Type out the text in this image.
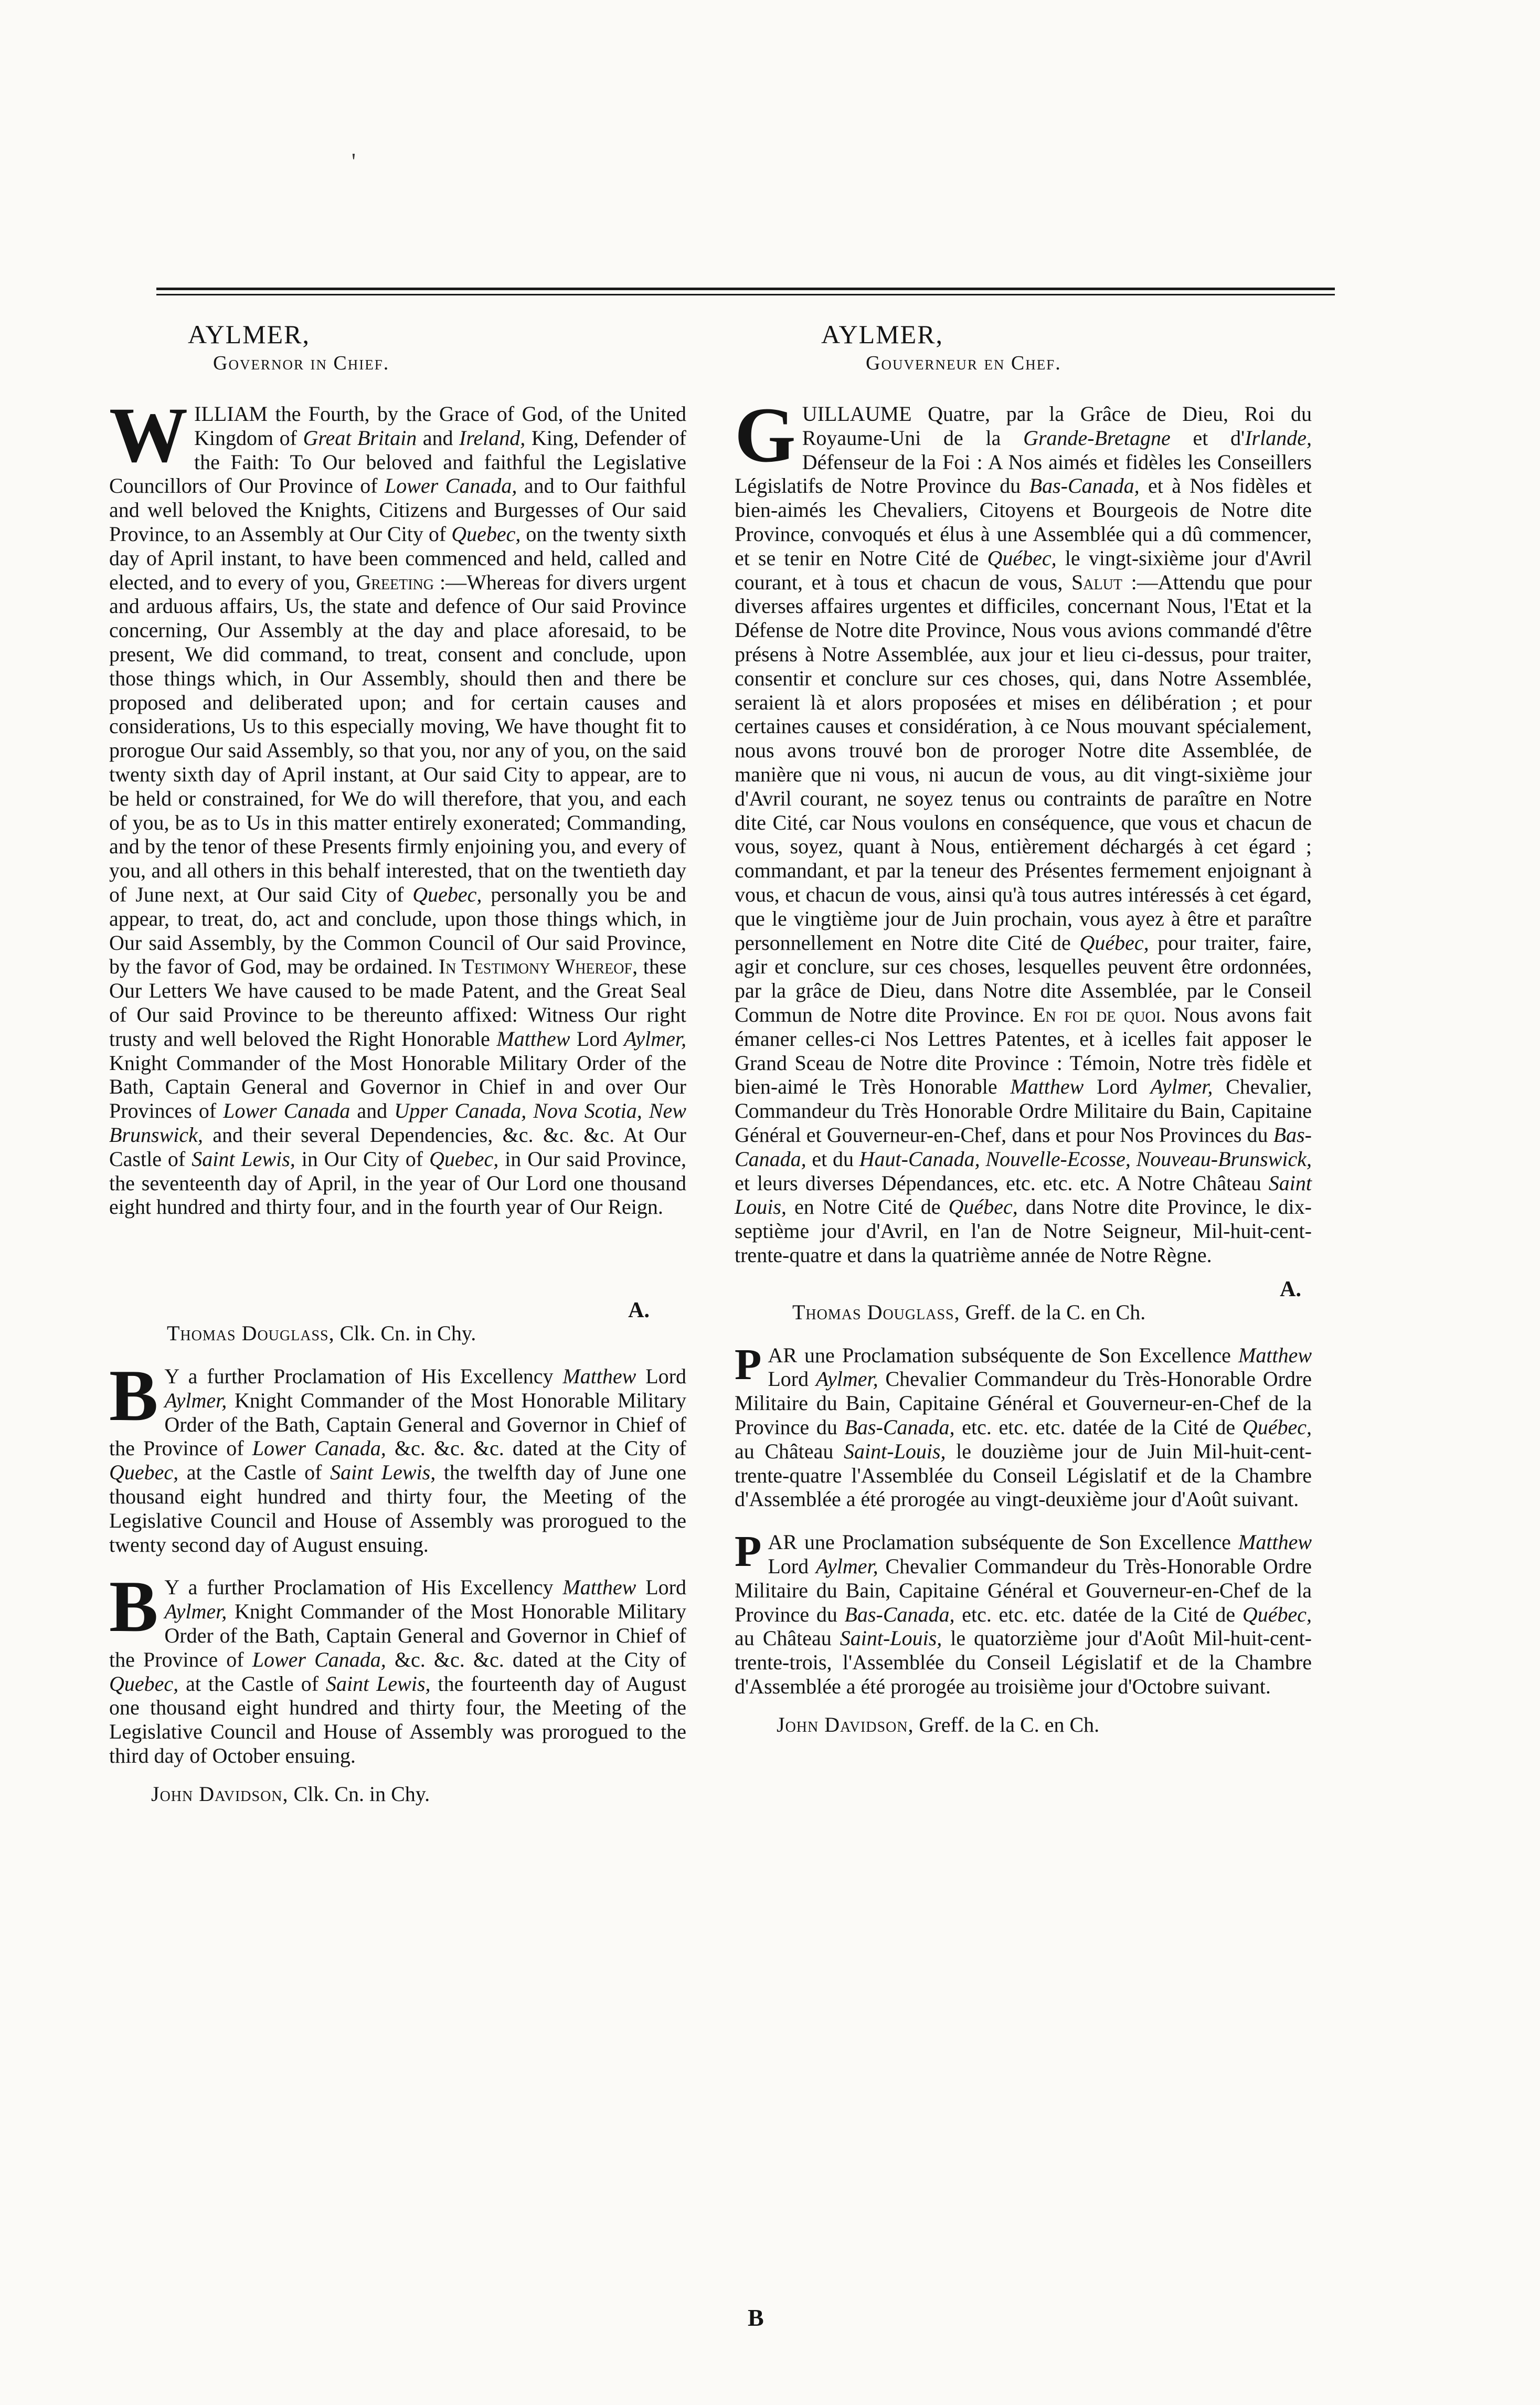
'
AYLMER,
Governor in Chief.
WILLIAM the Fourth, by the Grace of God, of the United Kingdom of Great Britain and Ireland, King, Defender of the Faith: To Our beloved and faithful the Legislative Councillors of Our Province of Lower Canada, and to Our faithful and well beloved the Knights, Citizens and Burgesses of Our said Province, to an Assembly at Our City of Quebec, on the twenty sixth day of April instant, to have been commenced and held, called and elected, and to every of you, Greeting :—Whereas for divers urgent and arduous affairs, Us, the state and defence of Our said Province concerning, Our Assembly at the day and place aforesaid, to be present, We did command, to treat, consent and conclude, upon those things which, in Our Assembly, should then and there be proposed and deliberated upon; and for certain causes and considerations, Us to this especially moving, We have thought fit to prorogue Our said Assembly, so that you, nor any of you, on the said twenty sixth day of April instant, at Our said City to appear, are to be held or constrained, for We do will therefore, that you, and each of you, be as to Us in this matter entirely exonerated; Commanding, and by the tenor of these Presents firmly enjoining you, and every of you, and all others in this behalf interested, that on the twentieth day of June next, at Our said City of Quebec, personally you be and appear, to treat, do, act and conclude, upon those things which, in Our said Assembly, by the Common Council of Our said Province, by the favor of God, may be ordained. In Testimony Whereof, these Our Letters We have caused to be made Patent, and the Great Seal of Our said Province to be thereunto affixed: Witness Our right trusty and well beloved the Right Honorable Matthew Lord Aylmer, Knight Commander of the Most Honorable Military Order of the Bath, Captain General and Governor in Chief in and over Our Provinces of Lower Canada and Upper Canada, Nova Scotia, New Brunswick, and their several Dependencies, &c. &c. &c. At Our Castle of Saint Lewis, in Our City of Quebec, in Our said Province, the seventeenth day of April, in the year of Our Lord one thousand eight hundred and thirty four, and in the fourth year of Our Reign.
A.
Thomas Douglass, Clk. Cn. in Chy.
B Y a further Proclamation of His Excellency Matthew Lord Aylmer, Knight Commander of the Most Honorable Military Order of the Bath, Captain General and Governor in Chief of the Province of Lower Canada, &c. &c. &c. dated at the City of Quebec, at the Castle of Saint Lewis, the twelfth day of June one thousand eight hundred and thirty four, the Meeting of the Legislative Council and House of Assembly was prorogued to the twenty second day of August ensuing.
B Y a further Proclamation of His Excellency Matthew Lord Aylmer, Knight Commander of the Most Honorable Military Order of the Bath, Captain General and Governor in Chief of the Province of Lower Canada, &c. &c. &c. dated at the City of Quebec, at the Castle of Saint Lewis, the fourteenth day of August one thousand eight hundred and thirty four, the Meeting of the Legislative Council and House of Assembly was prorogued to the third day of October ensuing.
John Davidson, Clk. Cn. in Chy.
AYLMER,
Gouverneur en Chef.
GUILLAUME Quatre, par la Grâce de Dieu, Roi du Royaume-Uni de la Grande-Bretagne et d'Irlande, Défenseur de la Foi : A Nos aimés et fidèles les Conseillers Législatifs de Notre Province du Bas-Canada, et à Nos fidèles et bien-aimés les Chevaliers, Citoyens et Bourgeois de Notre dite Province, convoqués et élus à une Assemblée qui a dû commencer, et se tenir en Notre Cité de Québec, le vingt-sixième jour d'Avril courant, et à tous et chacun de vous, Salut :—Attendu que pour diverses affaires urgentes et difficiles, concernant Nous, l'Etat et la Défense de Notre dite Province, Nous vous avions commandé d'être présens à Notre Assemblée, aux jour et lieu ci-dessus, pour traiter, consentir et conclure sur ces choses, qui, dans Notre Assemblée, seraient là et alors proposées et mises en délibération ; et pour certaines causes et considération, à ce Nous mouvant spécialement, nous avons trouvé bon de proroger Notre dite Assemblée, de manière que ni vous, ni aucun de vous, au dit vingt-sixième jour d'Avril courant, ne soyez tenus ou contraints de paraître en Notre dite Cité, car Nous voulons en conséquence, que vous et chacun de vous, soyez, quant à Nous, entièrement déchargés à cet égard ; commandant, et par la teneur des Présentes fermement enjoignant à vous, et chacun de vous, ainsi qu'à tous autres intéressés à cet égard, que le vingtième jour de Juin prochain, vous ayez à être et paraître personnellement en Notre dite Cité de Québec, pour traiter, faire, agir et conclure, sur ces choses, lesquelles peuvent être ordonnées, par la grâce de Dieu, dans Notre dite Assemblée, par le Conseil Commun de Notre dite Province. En foi de quoi. Nous avons fait émaner celles-ci Nos Lettres Patentes, et à icelles fait apposer le Grand Sceau de Notre dite Province : Témoin, Notre très fidèle et bien-aimé le Très Honorable Matthew Lord Aylmer, Chevalier, Commandeur du Très Honorable Ordre Militaire du Bain, Capitaine Général et Gouverneur-en-Chef, dans et pour Nos Provinces du Bas-Canada, et du Haut-Canada, Nouvelle-Ecosse, Nouveau-Brunswick, et leurs diverses Dépendances, etc. etc. etc. A Notre Château Saint Louis, en Notre Cité de Québec, dans Notre dite Province, le dix-septième jour d'Avril, en l'an de Notre Seigneur, Mil-huit-cent-trente-quatre et dans la quatrième année de Notre Règne.
A.
Thomas Douglass, Greff. de la C. en Ch.
PAR une Proclamation subséquente de Son Excellence Matthew Lord Aylmer, Chevalier Commandeur du Très-Honorable Ordre Militaire du Bain, Capitaine Général et Gouverneur-en-Chef de la Province du Bas-Canada, etc. etc. etc. datée de la Cité de Québec, au Château Saint-Louis, le douzième jour de Juin Mil-huit-cent-trente-quatre l'Assemblée du Conseil Législatif et de la Chambre d'Assemblée a été prorogée au vingt-deuxième jour d'Août suivant.
PAR une Proclamation subséquente de Son Excellence Matthew Lord Aylmer, Chevalier Commandeur du Très-Honorable Ordre Militaire du Bain, Capitaine Général et Gouverneur-en-Chef de la Province du Bas-Canada, etc. etc. etc. datée de la Cité de Québec, au Château Saint-Louis, le quatorzième jour d'Août Mil-huit-cent-trente-trois, l'Assemblée du Conseil Législatif et de la Chambre d'Assemblée a été prorogée au troisième jour d'Octobre suivant.
John Davidson, Greff. de la C. en Ch.
B
